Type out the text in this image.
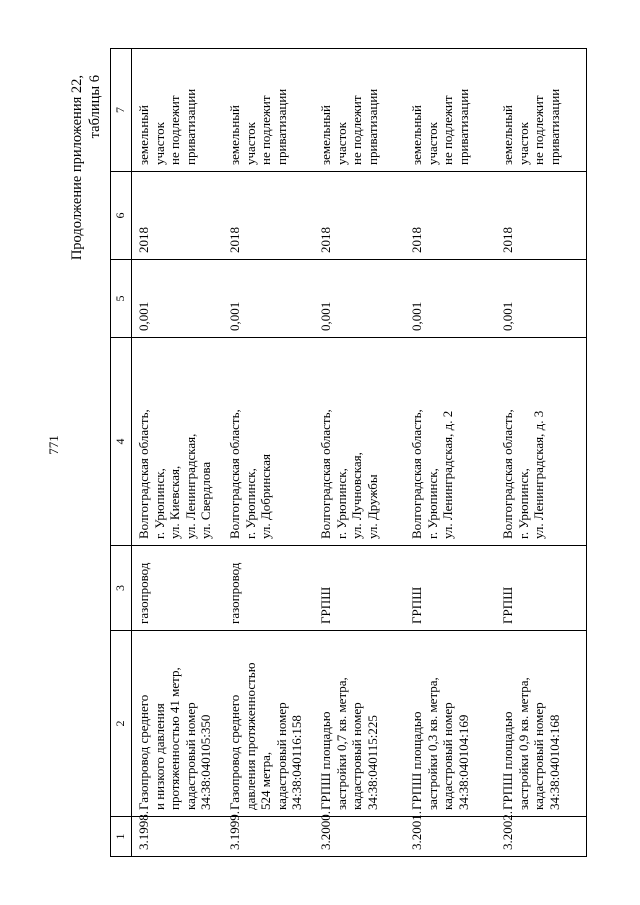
771
Продолжение приложения 22, таблицы 6
1	2	3	4	5	6	7
3.1998.	Газопровод среднего
и низкого давления
протяженностью 41 метр,
кадастровый номер
34:38:040105:350	газопровод	Волгоградская область,
г. Урюпинск,
ул. Киевская,
ул. Ленинградская,
ул. Свердлова	0,001	2018	земельный
участок
не подлежит
приватизации
3.1999.	Газопровод среднего
давления протяженностью
524 метра,
кадастровый номер
34:38:040116:158	газопровод	Волгоградская область,
г. Урюпинск,
ул. Добринская	0,001	2018	земельный
участок
не подлежит
приватизации
3.2000.	ГРПШ площадью
застройки 0,7 кв. метра,
кадастровый номер
34:38:040115:225	ГРПШ	Волгоградская область,
г. Урюпинск,
ул. Лучновская,
ул. Дружбы	0,001	2018	земельный
участок
не подлежит
приватизации
3.2001.	ГРПШ площадью
застройки 0,3 кв. метра,
кадастровый номер
34:38:040104:169	ГРПШ	Волгоградская область,
г. Урюпинск,
ул. Ленинградская, д. 2	0,001	2018	земельный
участок
не подлежит
приватизации
3.2002.	ГРПШ площадью
застройки 0,9 кв. метра,
кадастровый номер
34:38:040104:168	ГРПШ	Волгоградская область,
г. Урюпинск,
ул. Ленинградская, д. 3	0,001	2018	земельный
участок
не подлежит
приватизации
